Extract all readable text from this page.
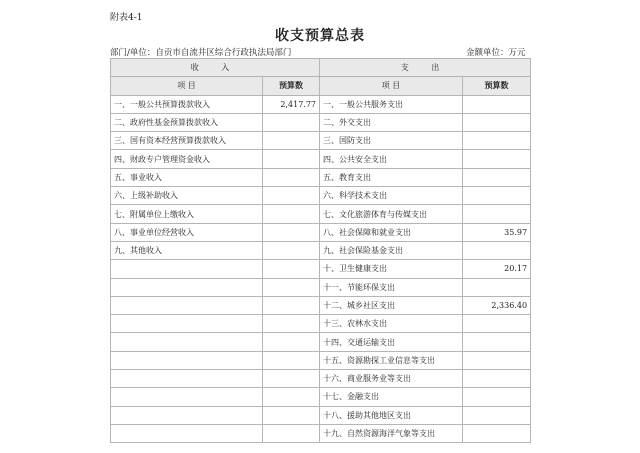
附表4-1
收支预算总表
部门/单位：自贡市自流井区综合行政执法局部门	金额单位：万元
收 入		支 出	
项 目	预算数	项 目	预算数
一、一般公共预算拨款收入	2,417.77	一、一般公共服务支出	
二、政府性基金预算拨款收入		二、外交支出	
三、国有资本经营预算拨款收入		三、国防支出	
四、财政专户管理资金收入		四、公共安全支出	
五、事业收入		五、教育支出	
六、上级补助收入		六、科学技术支出	
七、附属单位上缴收入		七、文化旅游体育与传媒支出	
八、事业单位经营收入		八、社会保障和就业支出	35.97
九、其他收入		九、社会保险基金支出	
		十、卫生健康支出	20.17
		十一、节能环保支出	
		十二、城乡社区支出	2,336.40
		十三、农林水支出	
		十四、交通运输支出	
		十五、资源勘探工业信息等支出	
		十六、商业服务业等支出	
		十七、金融支出	
		十八、援助其他地区支出	
		十九、自然资源海洋气象等支出	
